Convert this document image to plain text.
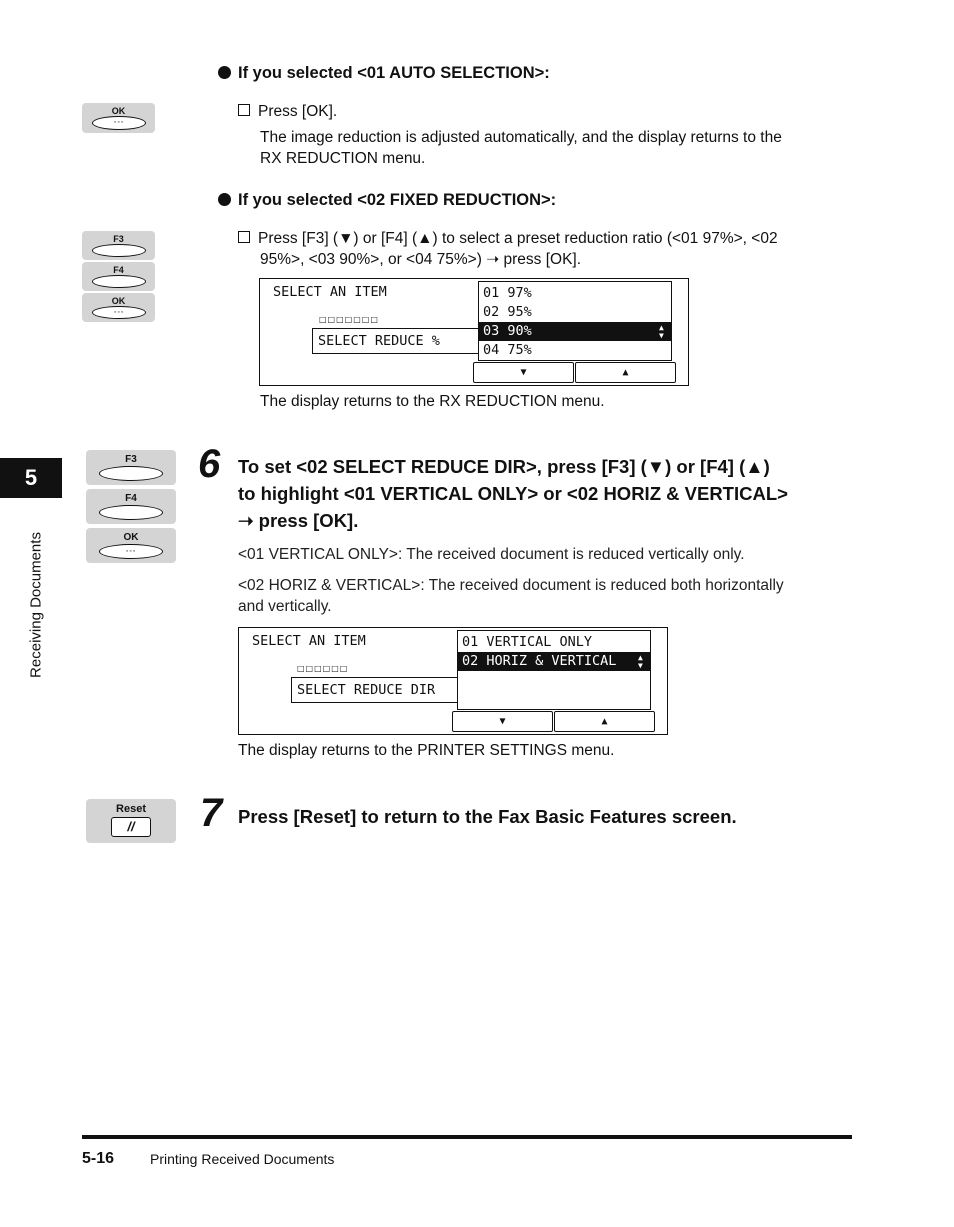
If you selected <01 AUTO SELECTION>:
OK
◦◦◦
Press [OK].
The image reduction is adjusted automatically, and the display returns to the
RX REDUCTION menu.
If you selected <02 FIXED REDUCTION>:
F3
F4
OK
◦◦◦
Press [F3] (▼) or [F4] (▲) to select a preset reduction ratio (<01 97%>, <02
95%>, <03 90%>, or <04 75%>) ➝ press [OK].
SELECT AN ITEM
□□□□□□□
SELECT REDUCE %
01 97%
02 95%
03 90%	▲
▼
04 75%
▼	▲
The display returns to the RX REDUCTION menu.
F3
F4
OK
◦◦◦
6 To set <02 SELECT REDUCE DIR>, press [F3] (▼) or [F4] (▲)
to highlight <01 VERTICAL ONLY> or <02 HORIZ & VERTICAL>
➝ press [OK].
<01 VERTICAL ONLY>: The received document is reduced vertically only.
<02 HORIZ & VERTICAL>: The received document is reduced both horizontally
and vertically.
SELECT AN ITEM
□□□□□□
SELECT REDUCE DIR
01 VERTICAL ONLY
02 HORIZ & VERTICAL	▲
▼
▼	▲
The display returns to the PRINTER SETTINGS menu.
Reset
//	7 Press [Reset] to return to the Fax Basic Features screen.
5
Receiving Documents
5-16	Printing Received Documents
